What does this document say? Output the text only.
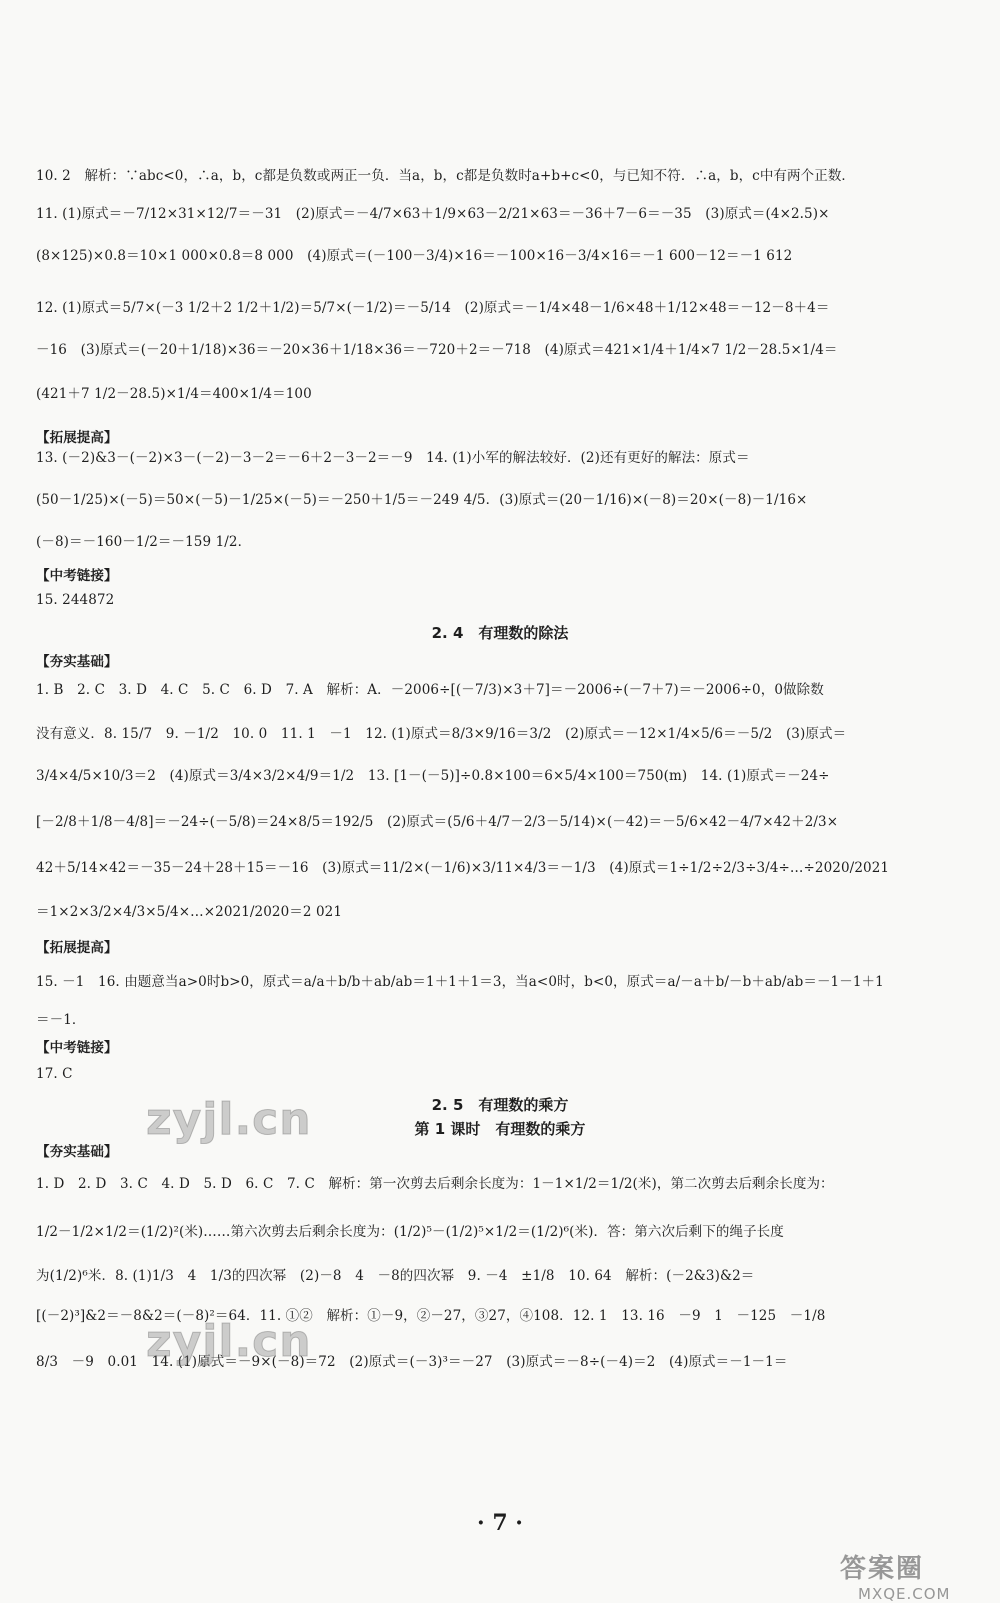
10. 2　解析：∵abc<0，∴a，b，c都是负数或两正一负．当a，b，c都是负数时a+b+c<0，与已知不符．∴a，b，c中有两个正数．
11. (1)原式＝－7/12×31×12/7＝－31　(2)原式＝－4/7×63＋1/9×63－2/21×63＝－36＋7－6＝－35　(3)原式＝(4×2.5)×
(8×125)×0.8＝10×1 000×0.8＝8 000　(4)原式＝(－100－3/4)×16＝－100×16－3/4×16＝－1 600－12＝－1 612
12. (1)原式＝5/7×(－3 1/2＋2 1/2＋1/2)＝5/7×(－1/2)＝－5/14　(2)原式＝－1/4×48－1/6×48＋1/12×48＝－12－8＋4＝
－16　(3)原式＝(－20＋1/18)×36＝－20×36＋1/18×36＝－720＋2＝－718　(4)原式＝421×1/4＋1/4×7 1/2－28.5×1/4＝
(421＋7 1/2－28.5)×1/4＝400×1/4＝100
【拓展提高】
13. (－2)&3－(－2)×3－(－2)－3－2＝－6＋2－3－2＝－9　14. (1)小军的解法较好．(2)还有更好的解法：原式＝
(50－1/25)×(－5)＝50×(－5)－1/25×(－5)＝－250＋1/5＝－249 4/5．(3)原式＝(20－1/16)×(－8)＝20×(－8)－1/16×
(－8)＝－160－1/2＝－159 1/2．
【中考链接】
15. 244872
2. 4　有理数的除法
【夯实基础】
1. B　2. C　3. D　4. C　5. C　6. D　7. A　解析：A．－2006÷[(－7/3)×3＋7]＝－2006÷(－7＋7)＝－2006÷0，0做除数
没有意义．8. 15/7　9. －1/2　10. 0　11. 1　－1　12. (1)原式＝8/3×9/16＝3/2　(2)原式＝－12×1/4×5/6＝－5/2　(3)原式＝
3/4×4/5×10/3＝2　(4)原式＝3/4×3/2×4/9＝1/2　13. [1－(－5)]÷0.8×100＝6×5/4×100＝750(m)　14. (1)原式＝－24÷
[－2/8＋1/8－4/8]＝－24÷(－5/8)＝24×8/5＝192/5　(2)原式＝(5/6＋4/7－2/3－5/14)×(－42)＝－5/6×42－4/7×42＋2/3×
42＋5/14×42＝－35－24＋28＋15＝－16　(3)原式＝11/2×(－1/6)×3/11×4/3＝－1/3　(4)原式＝1÷1/2÷2/3÷3/4÷…÷2020/2021
＝1×2×3/2×4/3×5/4×…×2021/2020＝2 021
【拓展提高】
15. －1　16. 由题意当a>0时b>0，原式＝a/a＋b/b＋ab/ab＝1＋1＋1＝3，当a<0时，b<0，原式＝a/－a＋b/－b＋ab/ab＝－1－1＋1
＝－1．
【中考链接】
17. C
2. 5　有理数的乘方
第 1 课时　有理数的乘方
【夯实基础】
1. D　2. D　3. C　4. D　5. D　6. C　7. C　解析：第一次剪去后剩余长度为：1－1×1/2＝1/2(米)，第二次剪去后剩余长度为：
1/2－1/2×1/2＝(1/2)²(米)……第六次剪去后剩余长度为：(1/2)⁵－(1/2)⁵×1/2＝(1/2)⁶(米)．答：第六次后剩下的绳子长度
为(1/2)⁶米．8. (1)1/3　4　1/3的四次幂　(2)－8　4　－8的四次幂　9. －4　±1/8　10. 64　解析：(－2&3)&2＝
[(－2)³]&2＝－8&2＝(－8)²＝64．11. ①②　解析：①－9，②－27，③27，④108．12. 1　13. 16　－9　1　－125　－1/8
8/3　－9　0.01　14. (1)原式＝－9×(－8)＝72　(2)原式＝(－3)³＝－27　(3)原式＝－8÷(－4)＝2　(4)原式＝－1－1＝
zyjl.cn
zyjl.cn
· 7 ·
答案圈
MXQE.COM
